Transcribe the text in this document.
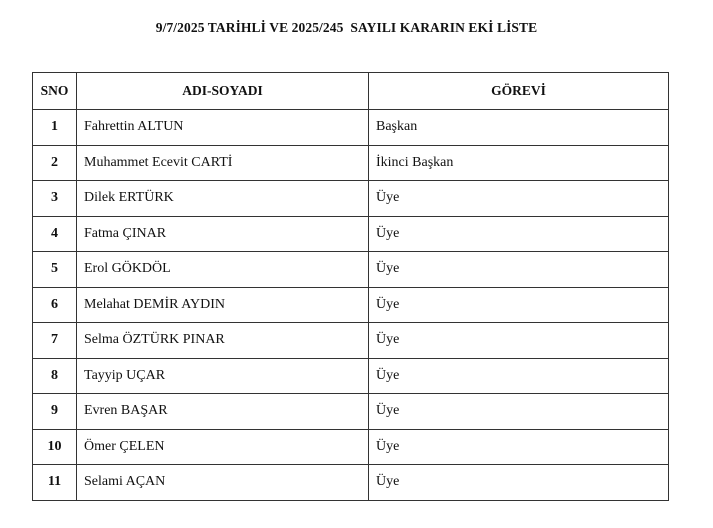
9/7/2025 TARİHLİ VE 2025/245  SAYILI KARARIN EKİ LİSTE
SNO	ADI-SOYADI	GÖREVİ
1	Fahrettin ALTUN	Başkan
2	Muhammet Ecevit CARTİ	İkinci Başkan
3	Dilek ERTÜRK	Üye
4	Fatma ÇINAR	Üye
5	Erol GÖKDÖL	Üye
6	Melahat DEMİR AYDIN	Üye
7	Selma ÖZTÜRK PINAR	Üye
8	Tayyip UÇAR	Üye
9	Evren BAŞAR	Üye
10	Ömer ÇELEN	Üye
11	Selami AÇAN	Üye
